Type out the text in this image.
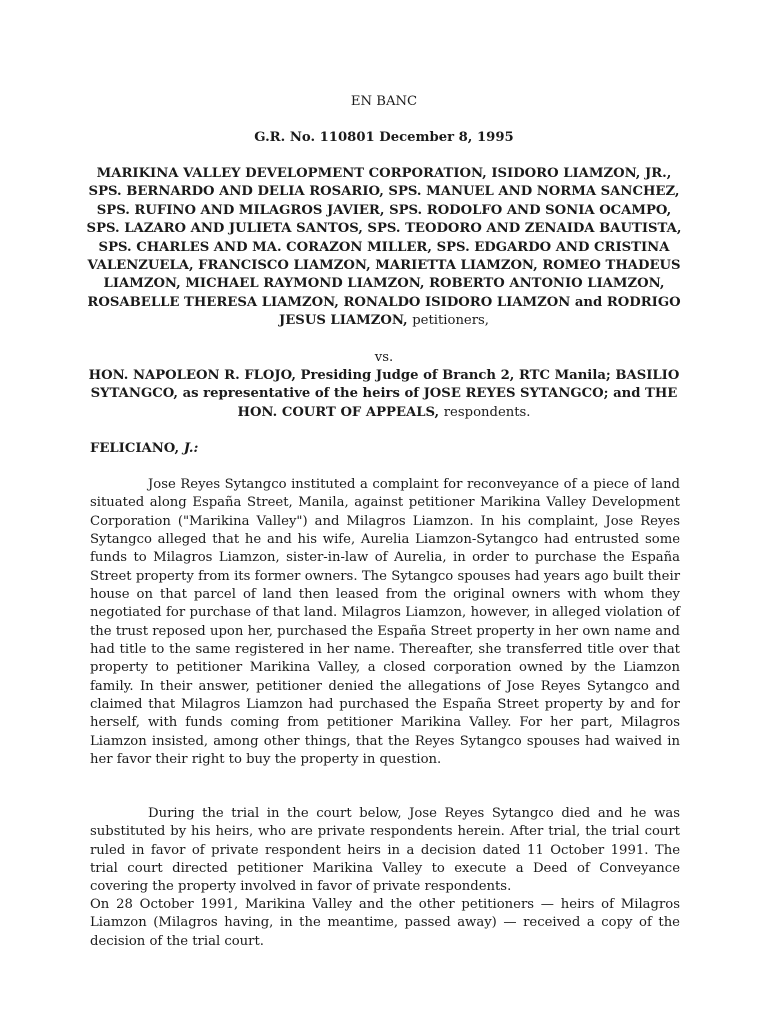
EN BANC
G.R. No. 110801 December 8, 1995
MARIKINA VALLEY DEVELOPMENT CORPORATION, ISIDORO LIAMZON, JR., SPS. BERNARDO AND DELIA ROSARIO, SPS. MANUEL AND NORMA SANCHEZ, SPS. RUFINO AND MILAGROS JAVIER, SPS. RODOLFO AND SONIA OCAMPO, SPS. LAZARO AND JULIETA SANTOS, SPS. TEODORO AND ZENAIDA BAUTISTA, SPS. CHARLES AND MA. CORAZON MILLER, SPS. EDGARDO AND CRISTINA VALENZUELA, FRANCISCO LIAMZON, MARIETTA LIAMZON, ROMEO THADEUS LIAMZON, MICHAEL RAYMOND LIAMZON, ROBERTO ANTONIO LIAMZON, ROSABELLE THERESA LIAMZON, RONALDO ISIDORO LIAMZON and RODRIGO JESUS LIAMZON, petitioners,
vs.
HON. NAPOLEON R. FLOJO, Presiding Judge of Branch 2, RTC Manila; BASILIO SYTANGCO, as representative of the heirs of JOSE REYES SYTANGCO; and THE HON. COURT OF APPEALS, respondents.
FELICIANO, J.:

Jose Reyes Sytangco instituted a complaint for reconveyance of a piece of land situated along España Street, Manila, against petitioner Marikina Valley Development Corporation ("Marikina Valley") and Milagros Liamzon. In his complaint, Jose Reyes Sytangco alleged that he and his wife, Aurelia Liamzon-Sytangco had entrusted some funds to Milagros Liamzon, sister-in-law of Aurelia, in order to purchase the España Street property from its former owners. The Sytangco spouses had years ago built their house on that parcel of land then leased from the original owners with whom they negotiated for purchase of that land. Milagros Liamzon, however, in alleged violation of the trust reposed upon her, purchased the España Street property in her own name and had title to the same registered in her name. Thereafter, she transferred title over that property to petitioner Marikina Valley, a closed corporation owned by the Liamzon family. In their answer, petitioner denied the allegations of Jose Reyes Sytangco and claimed that Milagros Liamzon had purchased the España Street property by and for herself, with funds coming from petitioner Marikina Valley. For her part, Milagros Liamzon insisted, among other things, that the Reyes Sytangco spouses had waived in her favor their right to buy the property in question.

During the trial in the court below, Jose Reyes Sytangco died and he was substituted by his heirs, who are private respondents herein. After trial, the trial court ruled in favor of private respondent heirs in a decision dated 11 October 1991. The trial court directed petitioner Marikina Valley to execute a Deed of Conveyance covering the property involved in favor of private respondents.

On 28 October 1991, Marikina Valley and the other petitioners — heirs of Milagros Liamzon (Milagros having, in the meantime, passed away) — received a copy of the decision of the trial court.
